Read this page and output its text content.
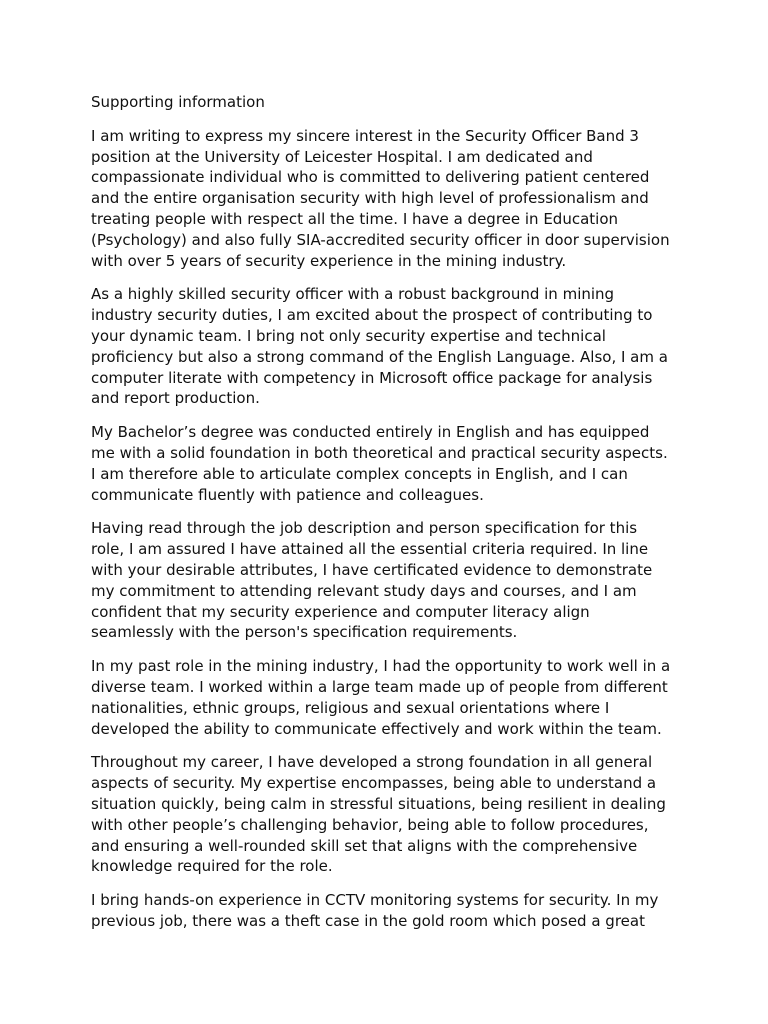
Supporting information
I am writing to express my sincere interest in the Security Officer Band 3
position at the University of Leicester Hospital. I am dedicated and
compassionate individual who is committed to delivering patient centered
and the entire organisation security with high level of professionalism and
treating people with respect all the time. I have a degree in Education
(Psychology) and also fully SIA-accredited security officer in door supervision
with over 5 years of security experience in the mining industry.
As a highly skilled security officer with a robust background in mining
industry security duties, I am excited about the prospect of contributing to
your dynamic team. I bring not only security expertise and technical
proficiency but also a strong command of the English Language. Also, I am a
computer literate with competency in Microsoft office package for analysis
and report production.
My Bachelor’s degree was conducted entirely in English and has equipped
me with a solid foundation in both theoretical and practical security aspects.
I am therefore able to articulate complex concepts in English, and I can
communicate fluently with patience and colleagues.
Having read through the job description and person specification for this
role, I am assured I have attained all the essential criteria required. In line
with your desirable attributes, I have certificated evidence to demonstrate
my commitment to attending relevant study days and courses, and I am
confident that my security experience and computer literacy align
seamlessly with the person's specification requirements.
In my past role in the mining industry, I had the opportunity to work well in a
diverse team. I worked within a large team made up of people from different
nationalities, ethnic groups, religious and sexual orientations where I
developed the ability to communicate effectively and work within the team.
Throughout my career, I have developed a strong foundation in all general
aspects of security. My expertise encompasses, being able to understand a
situation quickly, being calm in stressful situations, being resilient in dealing
with other people’s challenging behavior, being able to follow procedures,
and ensuring a well-rounded skill set that aligns with the comprehensive
knowledge required for the role.
I bring hands-on experience in CCTV monitoring systems for security. In my
previous job, there was a theft case in the gold room which posed a great
